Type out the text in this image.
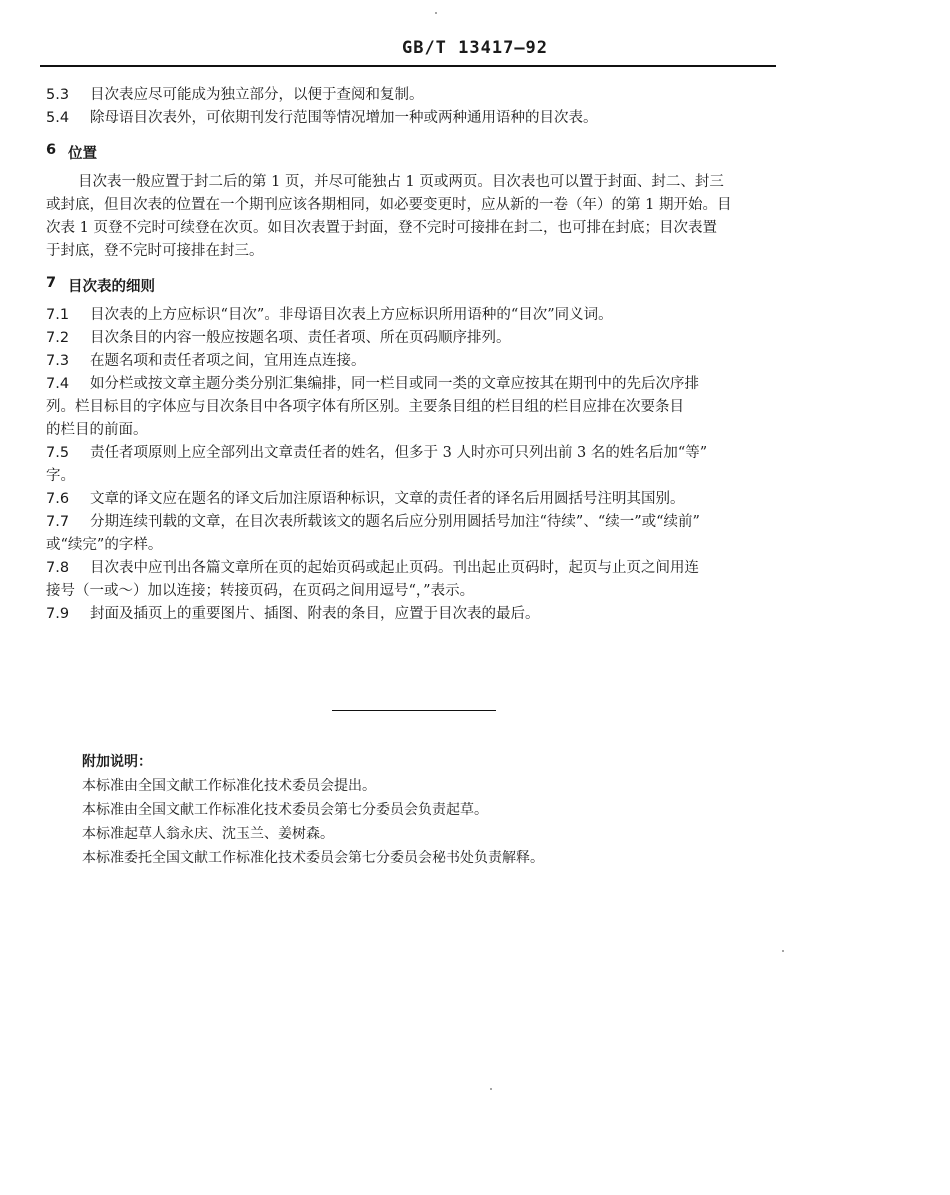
GB/T 13417—92
5.3	目次表应尽可能成为独立部分，以便于查阅和复制。
5.4	除母语目次表外，可依期刊发行范围等情况增加一种或两种通用语种的目次表。
6 位置
目次表一般应置于封二后的第 1 页，并尽可能独占 1 页或两页。目次表也可以置于封面、封二、封三
或封底，但目次表的位置在一个期刊应该各期相同，如必要变更时，应从新的一卷（年）的第 1 期开始。目
次表 1 页登不完时可续登在次页。如目次表置于封面，登不完时可接排在封二，也可排在封底；目次表置
于封底，登不完时可接排在封三。
7 目次表的细则
7.1	目次表的上方应标识“目次”。非母语目次表上方应标识所用语种的“目次”同义词。
7.2	目次条目的内容一般应按题名项、责任者项、所在页码顺序排列。
7.3	在题名项和责任者项之间，宜用连点连接。
7.4	如分栏或按文章主题分类分别汇集编排，同一栏目或同一类的文章应按其在期刊中的先后次序排
列。栏目标目的字体应与目次条目中各项字体有所区别。主要条目组的栏目组的栏目应排在次要条目
的栏目的前面。
7.5	责任者项原则上应全部列出文章责任者的姓名，但多于 3 人时亦可只列出前 3 名的姓名后加“等”
字。
7.6	文章的译文应在题名的译文后加注原语种标识，文章的责任者的译名后用圆括号注明其国别。
7.7	分期连续刊载的文章，在目次表所载该文的题名后应分别用圆括号加注“待续”、“续一”或“续前”
或“续完”的字样。
7.8	目次表中应刊出各篇文章所在页的起始页码或起止页码。刊出起止页码时，起页与止页之间用连
接号（一或～）加以连接；转接页码，在页码之间用逗号“，”表示。
7.9	封面及插页上的重要图片、插图、附表的条目，应置于目次表的最后。
附加说明：
本标准由全国文献工作标准化技术委员会提出。
本标准由全国文献工作标准化技术委员会第七分委员会负责起草。
本标准起草人翁永庆、沈玉兰、姜树森。
本标准委托全国文献工作标准化技术委员会第七分委员会秘书处负责解释。
